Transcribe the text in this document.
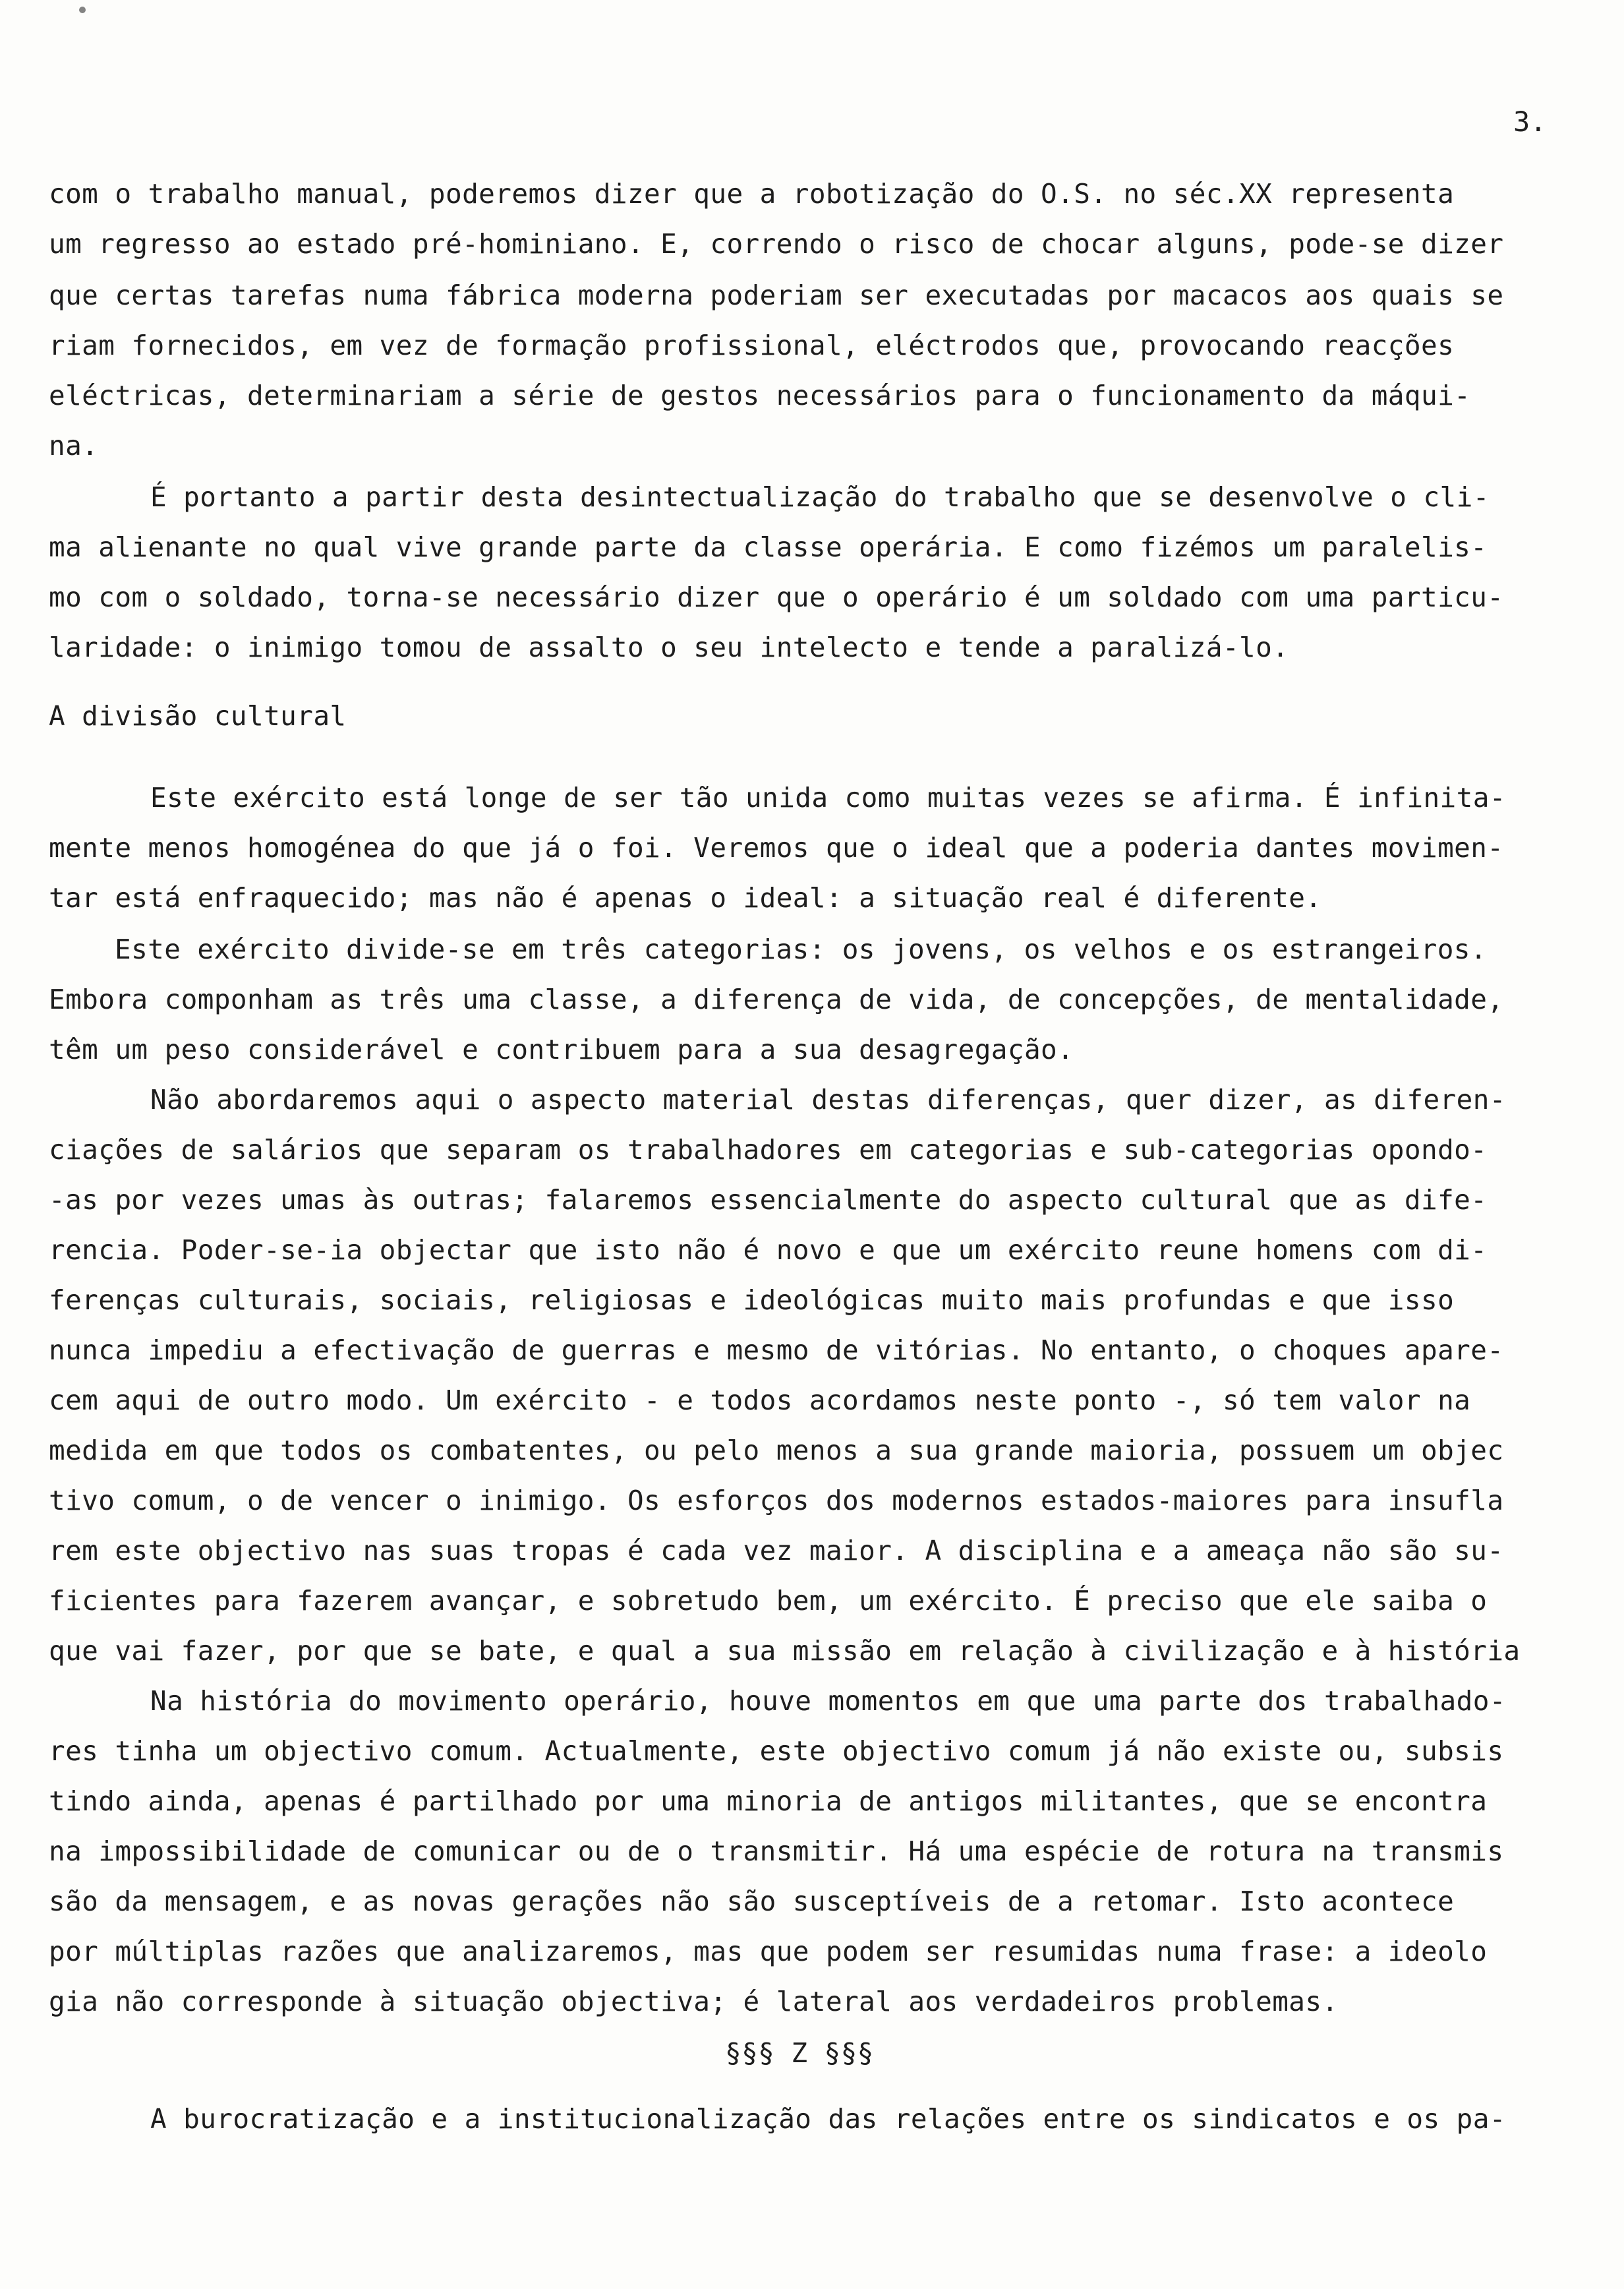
3.

com o trabalho manual, poderemos dizer que a robotização do O.S. no séc.XX representa

um regresso ao estado pré-hominiano. E, correndo o risco de chocar alguns, pode-se dizer

que certas tarefas numa fábrica moderna poderiam ser executadas por macacos aos quais se

riam fornecidos, em vez de formação profissional, eléctrodos que, provocando reacções

eléctricas, determinariam a série de gestos necessários para o funcionamento da máqui-

na.

É portanto a partir desta desintectualização do trabalho que se desenvolve o cli-

ma alienante no qual vive grande parte da classe operária. E como fizémos um paralelis-

mo com o soldado, torna-se necessário dizer que o operário é um soldado com uma particu-

laridade: o inimigo tomou de assalto o seu intelecto e tende a paralizá-lo.

A divisão cultural

Este exército está longe de ser tão unida como muitas vezes se afirma. É infinita-

mente menos homogénea do que já o foi. Veremos que o ideal que a poderia dantes movimen-

tar está enfraquecido; mas não é apenas o ideal: a situação real é diferente.

Este exército divide-se em três categorias: os jovens, os velhos e os estrangeiros.

Embora componham as três uma classe, a diferença de vida, de concepções, de mentalidade,

têm um peso considerável e contribuem para a sua desagregação.

Não abordaremos aqui o aspecto material destas diferenças, quer dizer, as diferen-

ciações de salários que separam os trabalhadores em categorias e sub-categorias opondo-

-as por vezes umas às outras; falaremos essencialmente do aspecto cultural que as dife-

rencia. Poder-se-ia objectar que isto não é novo e que um exército reune homens com di-

ferenças culturais, sociais, religiosas e ideológicas muito mais profundas e que isso

nunca impediu a efectivação de guerras e mesmo de vitórias. No entanto, o choques apare-

cem aqui de outro modo. Um exército - e todos acordamos neste ponto -, só tem valor na

medida em que todos os combatentes, ou pelo menos a sua grande maioria, possuem um objec

tivo comum, o de vencer o inimigo. Os esforços dos modernos estados-maiores para insufla

rem este objectivo nas suas tropas é cada vez maior. A disciplina e a ameaça não são su-

ficientes para fazerem avançar, e sobretudo bem, um exército. É preciso que ele saiba o

que vai fazer, por que se bate, e qual a sua missão em relação à civilização e à história

Na história do movimento operário, houve momentos em que uma parte dos trabalhado-

res tinha um objectivo comum. Actualmente, este objectivo comum já não existe ou, subsis

tindo ainda, apenas é partilhado por uma minoria de antigos militantes, que se encontra

na impossibilidade de comunicar ou de o transmitir. Há uma espécie de rotura na transmis

são da mensagem, e as novas gerações não são susceptíveis de a retomar. Isto acontece

por múltiplas razões que analizaremos, mas que podem ser resumidas numa frase: a ideolo

gia não corresponde à situação objectiva; é lateral aos verdadeiros problemas.

§§§ Z §§§

A burocratização e a institucionalização das relações entre os sindicatos e os pa-
